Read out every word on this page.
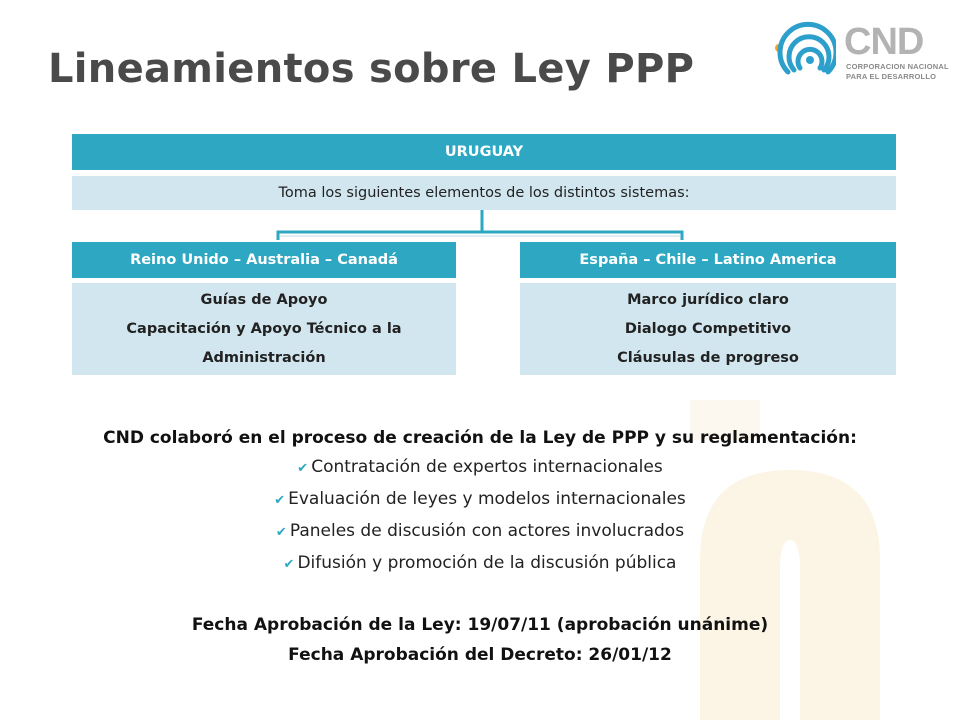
Lineamientos sobre Ley PPP
CND
CORPORACION NACIONAL
PARA EL DESARROLLO
URUGUAY
Toma los siguientes elementos de los distintos sistemas:
Reino Unido – Australia – Canadá
Guías de Apoyo
Capacitación y Apoyo Técnico a la
Administración
España – Chile – Latino America
Marco jurídico claro
Dialogo Competitivo
Cláusulas de progreso
CND colaboró en el proceso de creación de la Ley de PPP y su reglamentación:
✔ Contratación de expertos internacionales
✔ Evaluación de leyes y modelos internacionales
✔ Paneles de discusión con actores involucrados
✔ Difusión y promoción de la discusión pública
Fecha Aprobación de la Ley: 19/07/11 (aprobación unánime)
Fecha Aprobación del Decreto: 26/01/12
